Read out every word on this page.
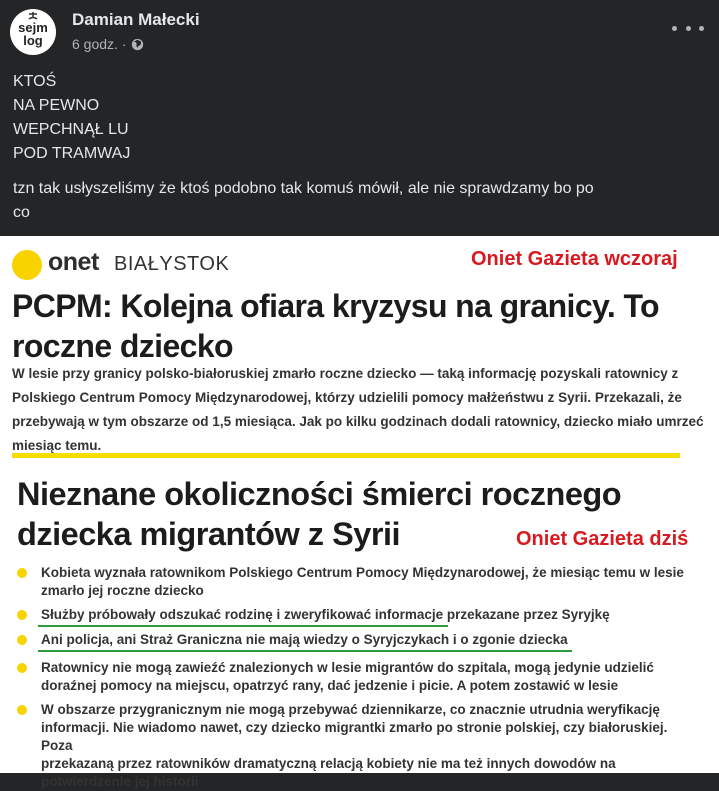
sejm
log
Damian Małecki
6 godz. ·
KTOŚ
NA PEWNO
WEPCHNĄŁ LU
POD TRAMWAJ
tzn tak usłyszeliśmy że ktoś podobno tak komuś mówił, ale nie sprawdzamy bo po
co
onet BIAŁYSTOK	Oniet Gazieta wczoraj
PCPM: Kolejna ofiara kryzysu na granicy. To
roczne dziecko
W lesie przy granicy polsko-białoruskiej zmarło roczne dziecko — taką informację pozyskali ratownicy z
Polskiego Centrum Pomocy Międzynarodowej, którzy udzielili pomocy małżeństwu z Syrii. Przekazali, że
przebywają w tym obszarze od 1,5 miesiąca. Jak po kilku godzinach dodali ratownicy, dziecko miało umrzeć
miesiąc temu.
Nieznane okoliczności śmierci rocznego
dziecka migrantów z Syrii	Oniet Gazieta dziś
Kobieta wyznała ratownikom Polskiego Centrum Pomocy Międzynarodowej, że miesiąc temu w lesie
zmarło jej roczne dziecko
Służby próbowały odszukać rodzinę i zweryfikować informacje przekazane przez Syryjkę
Ani policja, ani Straż Graniczna nie mają wiedzy o Syryjczykach i o zgonie dziecka
Ratownicy nie mogą zawieźć znalezionych w lesie migrantów do szpitala, mogą jedynie udzielić
doraźnej pomocy na miejscu, opatrzyć rany, dać jedzenie i picie. A potem zostawić w lesie
W obszarze przygranicznym nie mogą przebywać dziennikarze, co znacznie utrudnia weryfikację
informacji. Nie wiadomo nawet, czy dziecko migrantki zmarło po stronie polskiej, czy białoruskiej. Poza
przekazaną przez ratowników dramatyczną relacją kobiety nie ma też innych dowodów na
potwierdzenie jej historii
